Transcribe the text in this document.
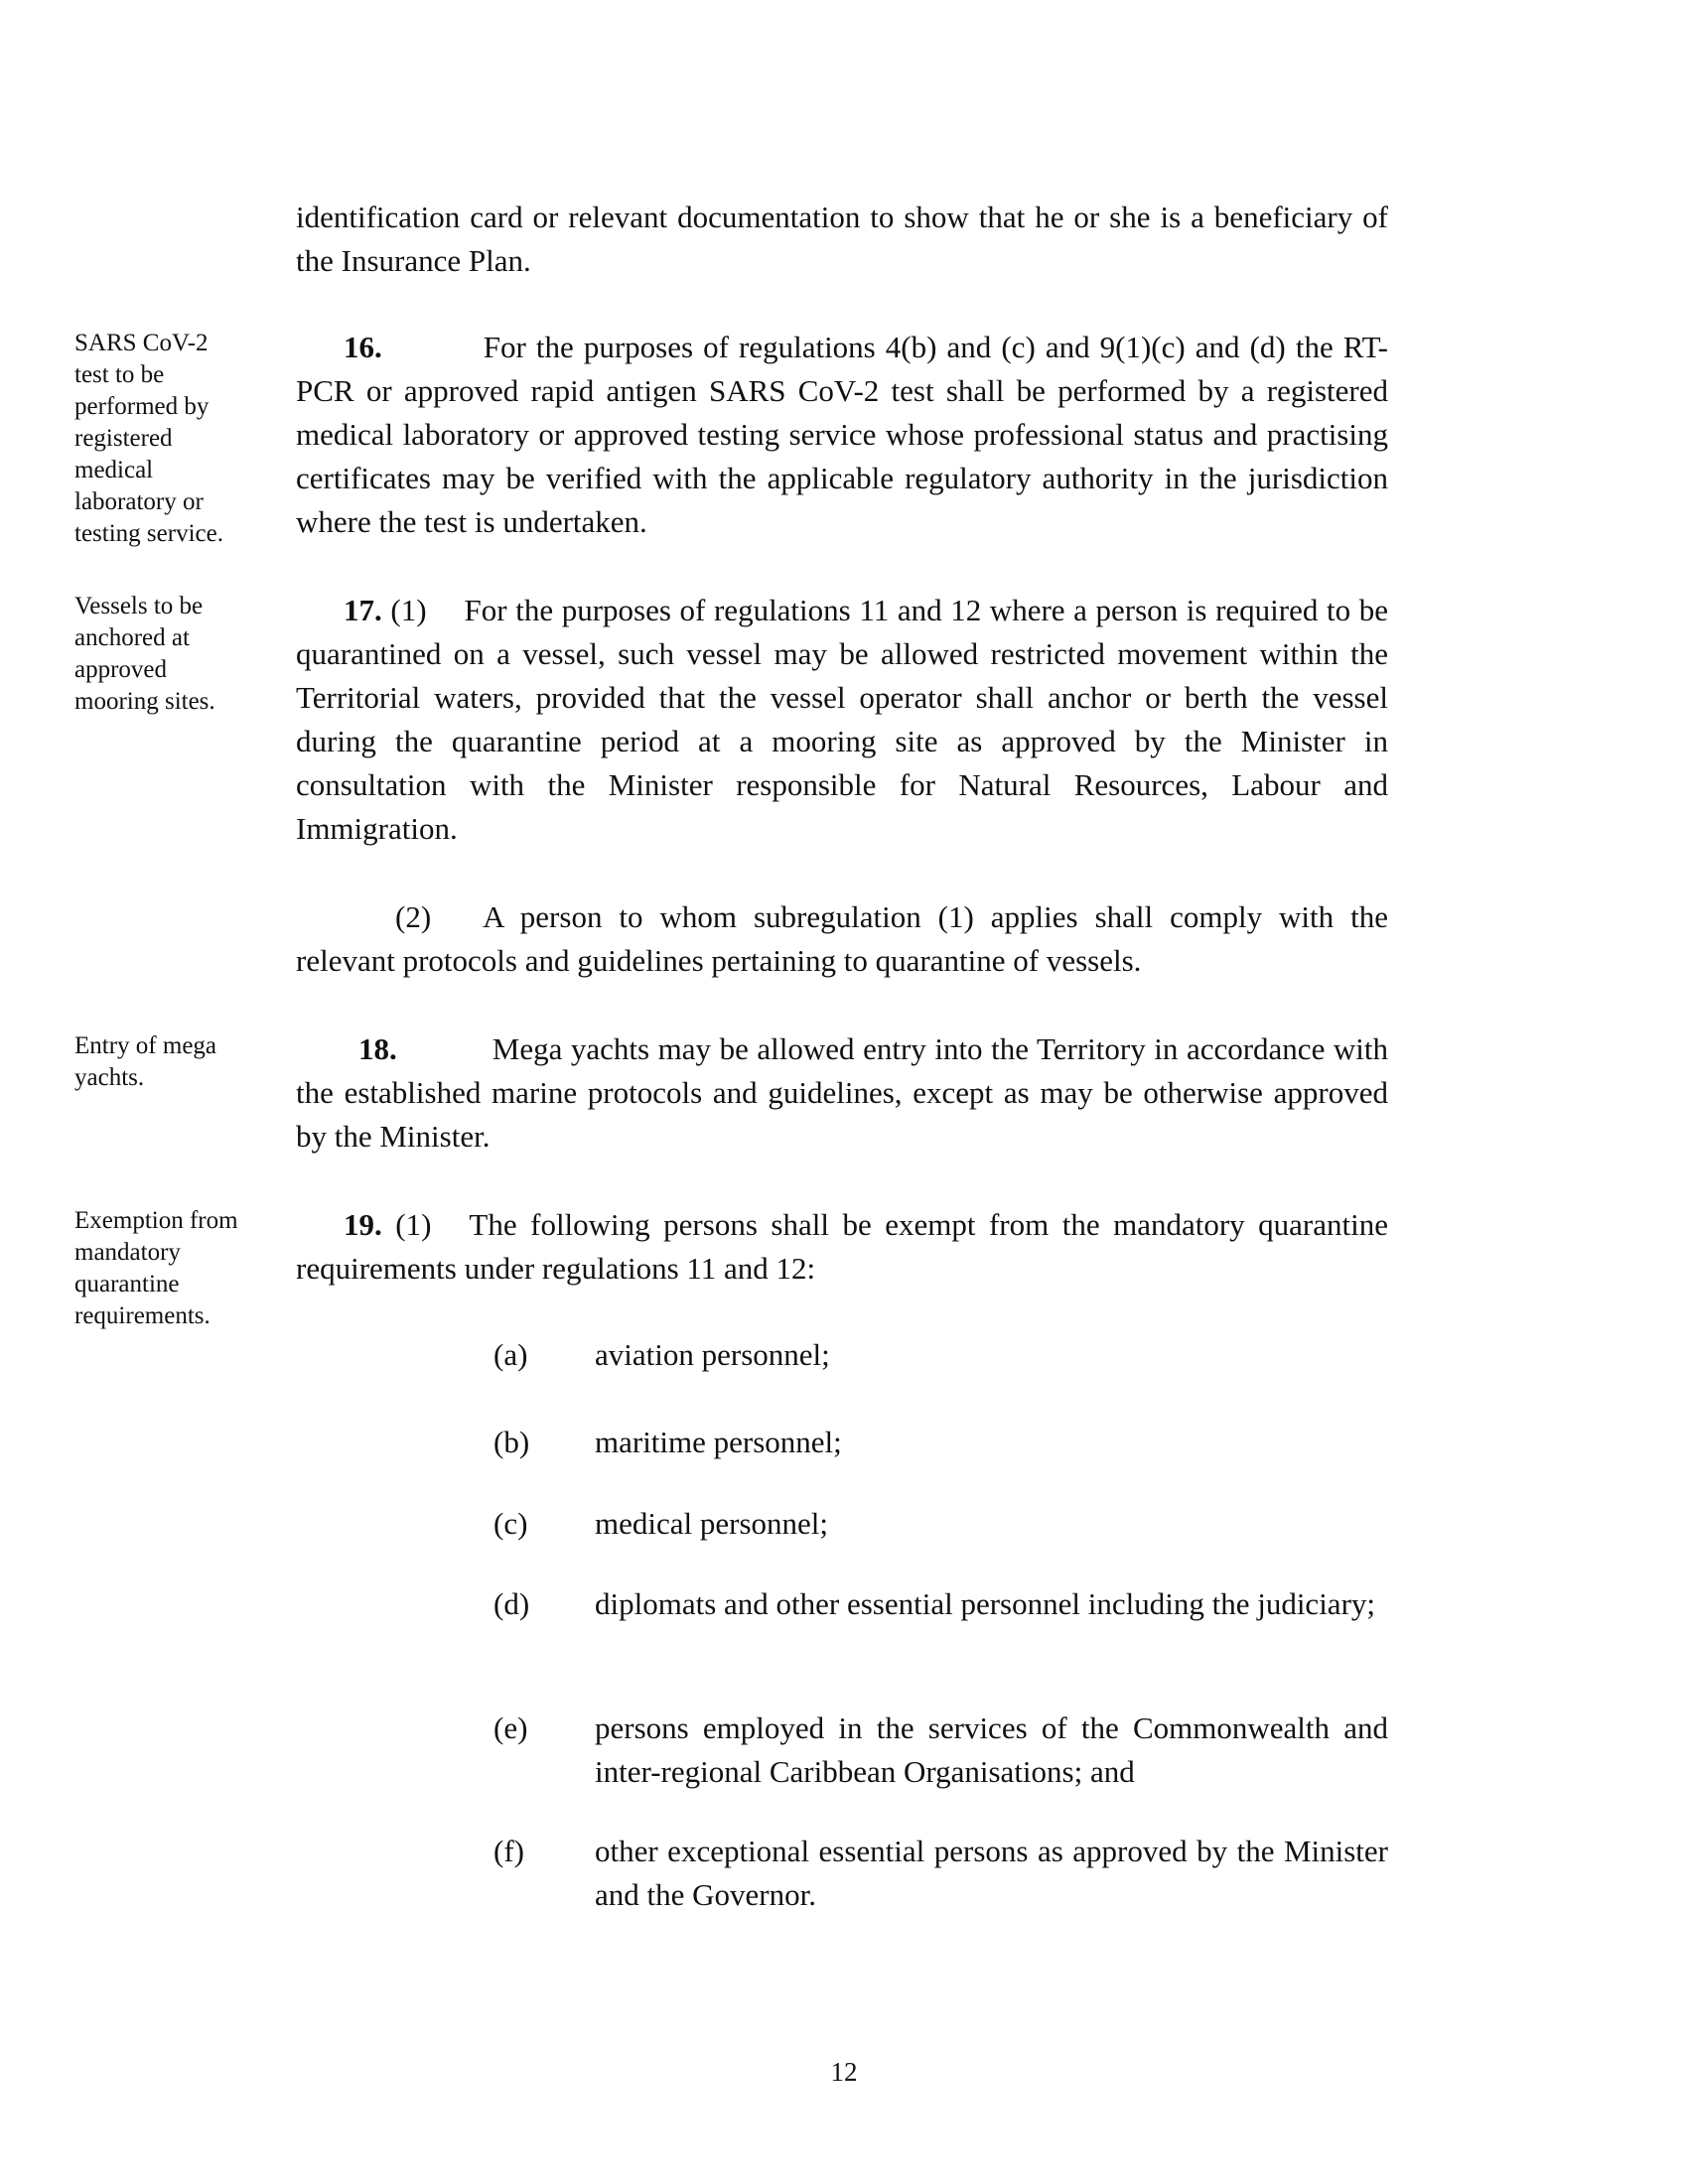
identification card or relevant documentation to show that he or she is a beneficiary of the Insurance Plan.

SARS CoV-2
test to be
performed by
registered
medical
laboratory or
testing service.

16.	For the purposes of regulations 4(b) and (c) and 9(1)(c) and (d) the RT-PCR or approved rapid antigen SARS CoV-2 test shall be performed by a registered medical laboratory or approved testing service whose professional status and practising certificates may be verified with the applicable regulatory authority in the jurisdiction where the test is undertaken.

Vessels to be
anchored at
approved
mooring sites.

17. (1) For the purposes of regulations 11 and 12 where a person is required to be quarantined on a vessel, such vessel may be allowed restricted movement within the Territorial waters, provided that the vessel operator shall anchor or berth the vessel during the quarantine period at a mooring site as approved by the Minister in consultation with the Minister responsible for Natural Resources, Labour and Immigration.

(2) A person to whom subregulation (1) applies shall comply with the relevant protocols and guidelines pertaining to quarantine of vessels.

Entry of mega
yachts.

18.	Mega yachts may be allowed entry into the Territory in accordance with the established marine protocols and guidelines, except as may be otherwise approved by the Minister.

Exemption from
mandatory
quarantine
requirements.

19. (1) The following persons shall be exempt from the mandatory quarantine requirements under regulations 11 and 12:

(a) aviation personnel;
(b) maritime personnel;
(c) medical personnel;
(d) diplomats and other essential personnel including the judiciary;
(e) persons employed in the services of the Commonwealth and inter-regional Caribbean Organisations; and
(f) other exceptional essential persons as approved by the Minister and the Governor.
12
